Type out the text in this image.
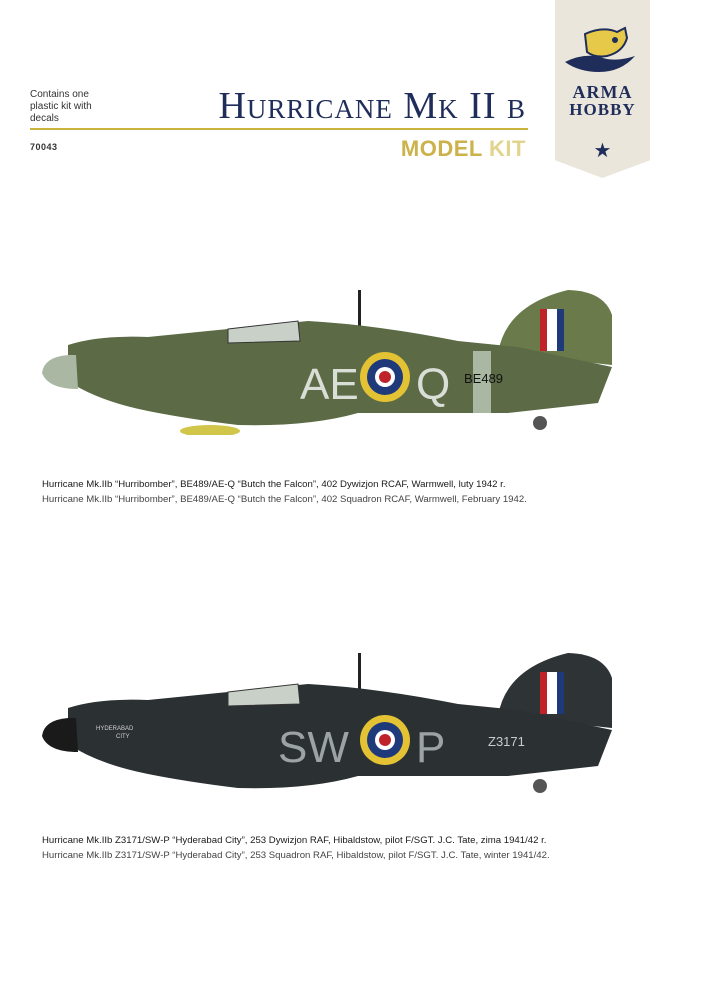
Contains one plastic kit with decals
70043
Hurricane Mk II b
MODEL KIT
ARMA
HOBBY
★
AE Q BE489
Hurricane Mk.IIb “Hurribomber”, BE489/AE-Q “Butch the Falcon”, 402 Dywizjon RCAF, Warmwell, luty 1942 r.
Hurricane Mk.IIb “Hurribomber”, BE489/AE-Q “Butch the Falcon”, 402 Squadron RCAF, Warmwell, February 1942.
SW P	Z3171
HYDERABAD
CITY
Hurricane Mk.IIb Z3171/SW-P “Hyderabad City”, 253 Dywizjon RAF, Hibaldstow, pilot F/SGT. J.C. Tate, zima 1941/42 r.
Hurricane Mk.IIb Z3171/SW-P “Hyderabad City”, 253 Squadron RAF, Hibaldstow, pilot F/SGT. J.C. Tate, winter 1941/42.
